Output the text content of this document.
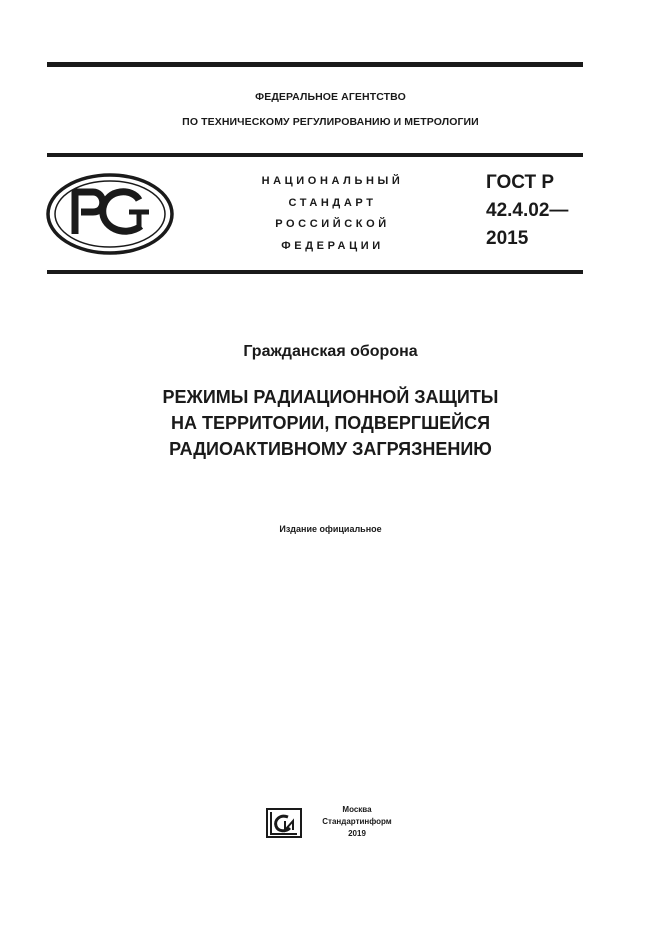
ФЕДЕРАЛЬНОЕ АГЕНТСТВО
ПО ТЕХНИЧЕСКОМУ РЕГУЛИРОВАНИЮ И МЕТРОЛОГИИ
НАЦИОНАЛЬНЫЙ
СТАНДАРТ
РОССИЙСКОЙ
ФЕДЕРАЦИИ
ГОСТ Р
42.4.02—
2015
Гражданская оборона
РЕЖИМЫ РАДИАЦИОННОЙ ЗАЩИТЫ
НА ТЕРРИТОРИИ, ПОДВЕРГШЕЙСЯ
РАДИОАКТИВНОМУ ЗАГРЯЗНЕНИЮ
Издание официальное
Москва
Стандартинформ
2019
